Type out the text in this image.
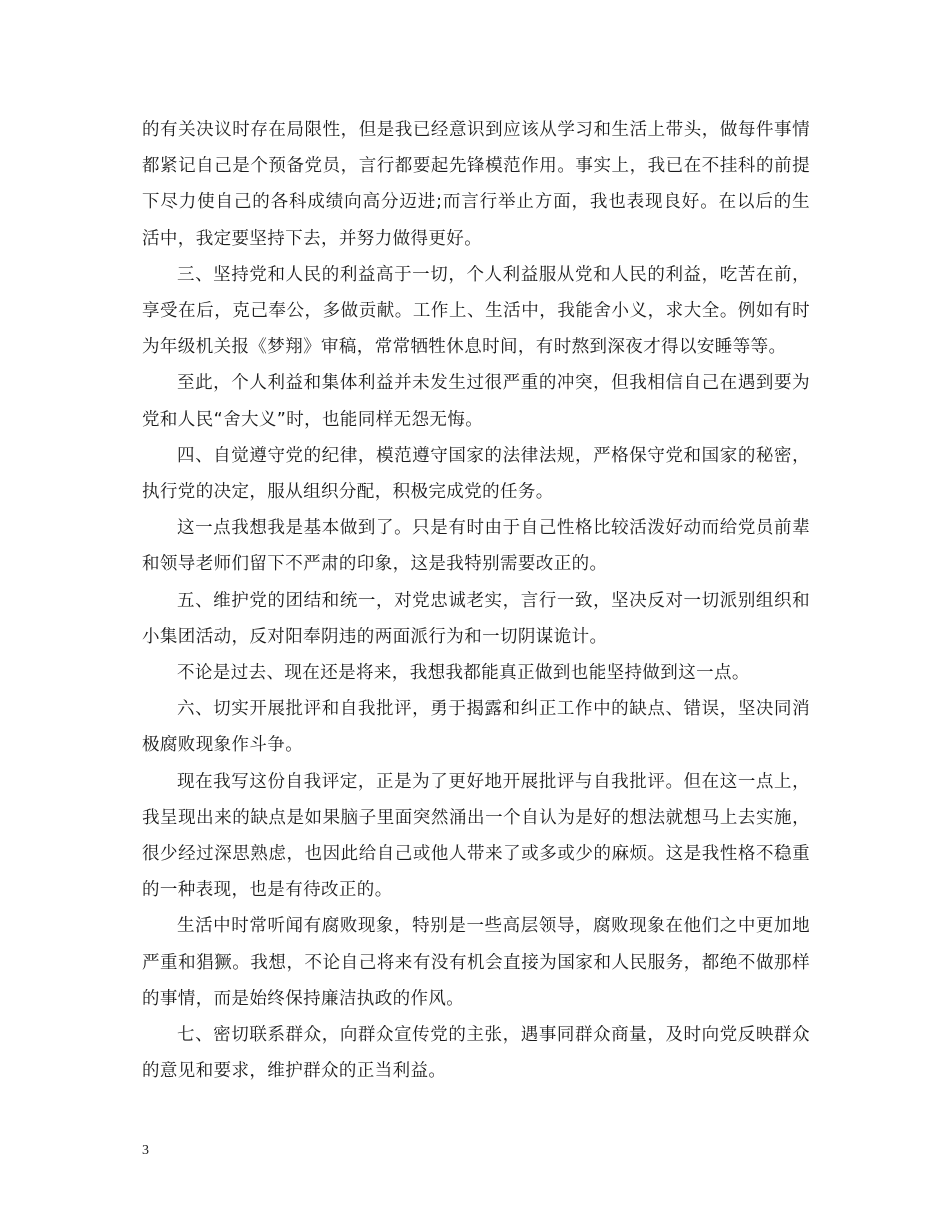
的有关决议时存在局限性，但是我已经意识到应该从学习和生活上带头，做每件事情都紧记自己是个预备党员，言行都要起先锋模范作用。事实上，我已在不挂科的前提下尽力使自己的各科成绩向高分迈进;而言行举止方面，我也表现良好。在以后的生活中，我定要坚持下去，并努力做得更好。

三、坚持党和人民的利益高于一切，个人利益服从党和人民的利益，吃苦在前，享受在后，克己奉公，多做贡献。工作上、生活中，我能舍小义，求大全。例如有时为年级机关报《梦翔》审稿，常常牺牲休息时间，有时熬到深夜才得以安睡等等。

至此，个人利益和集体利益并未发生过很严重的冲突，但我相信自己在遇到要为党和人民“舍大义”时，也能同样无怨无悔。

四、自觉遵守党的纪律，模范遵守国家的法律法规，严格保守党和国家的秘密，执行党的决定，服从组织分配，积极完成党的任务。

这一点我想我是基本做到了。只是有时由于自己性格比较活泼好动而给党员前辈和领导老师们留下不严肃的印象，这是我特别需要改正的。

五、维护党的团结和统一，对党忠诚老实，言行一致，坚决反对一切派别组织和小集团活动，反对阳奉阴违的两面派行为和一切阴谋诡计。

不论是过去、现在还是将来，我想我都能真正做到也能坚持做到这一点。

六、切实开展批评和自我批评，勇于揭露和纠正工作中的缺点、错误，坚决同消极腐败现象作斗争。

现在我写这份自我评定，正是为了更好地开展批评与自我批评。但在这一点上，我呈现出来的缺点是如果脑子里面突然涌出一个自认为是好的想法就想马上去实施，很少经过深思熟虑，也因此给自己或他人带来了或多或少的麻烦。这是我性格不稳重的一种表现，也是有待改正的。

生活中时常听闻有腐败现象，特别是一些高层领导，腐败现象在他们之中更加地严重和猖獗。我想，不论自己将来有没有机会直接为国家和人民服务，都绝不做那样的事情，而是始终保持廉洁执政的作风。

七、密切联系群众，向群众宣传党的主张，遇事同群众商量，及时向党反映群众的意见和要求，维护群众的正当利益。

3
